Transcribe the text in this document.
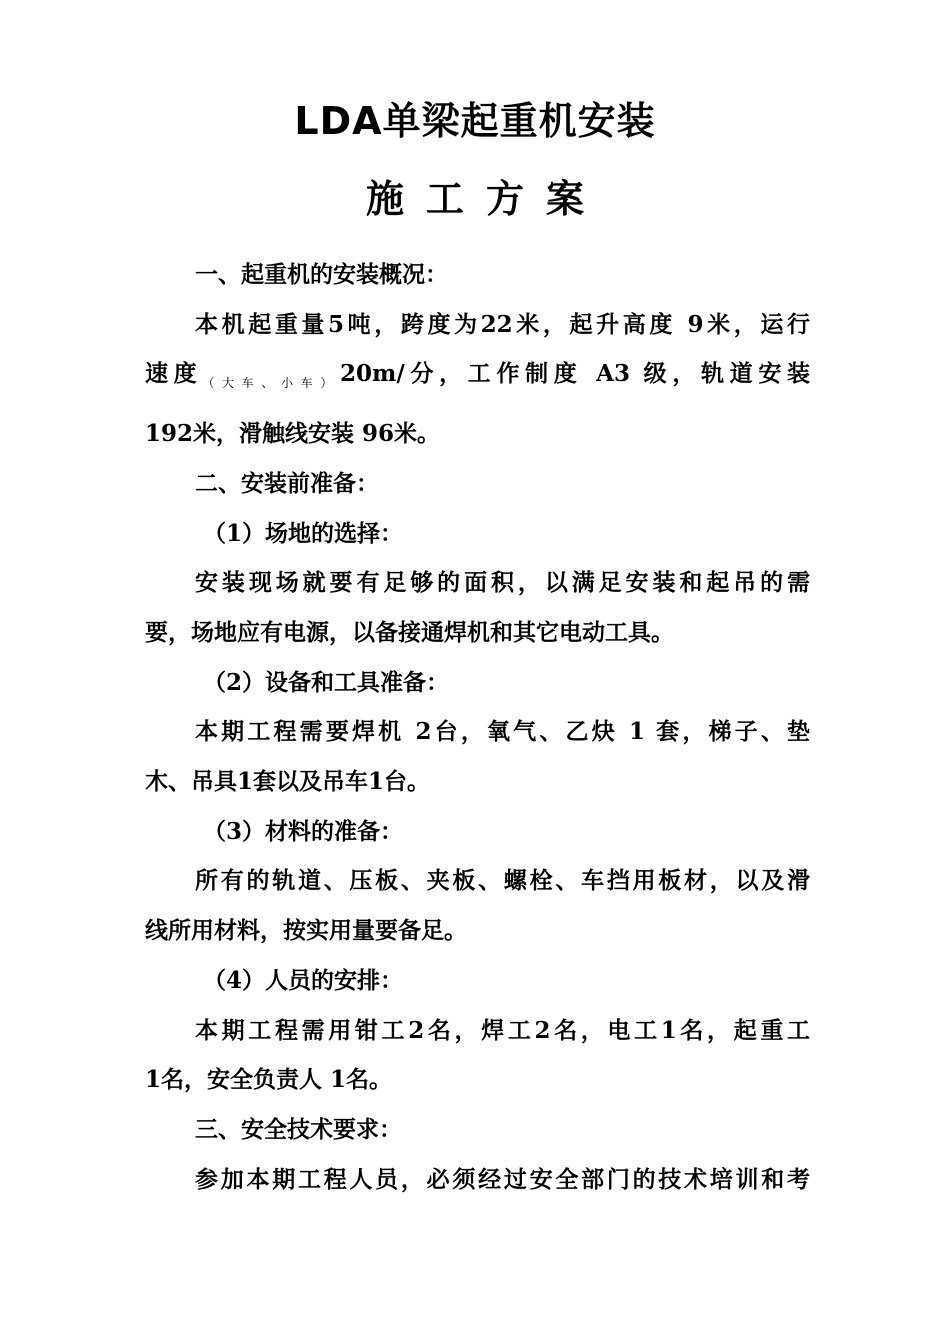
LDA单梁起重机安装
施工方案

一、起重机的安装概况：

本机起重量5吨，跨度为22米，起升高度 9米，运行

速度$_{(大车、小车)}$20m/分，工作制度 A3 级，轨道安装

192米，滑触线安装 96米。

二、安装前准备：

（1）场地的选择：

安装现场就要有足够的面积，以满足安装和起吊的需

要，场地应有电源，以备接通焊机和其它电动工具。

（2）设备和工具准备：

本期工程需要焊机 2台，氧气、乙炔 1 套，梯子、垫

木、吊具1套以及吊车1台。

（3）材料的准备：

所有的轨道、压板、夹板、螺栓、车挡用板材，以及滑

线所用材料，按实用量要备足。

（4）人员的安排：

本期工程需用钳工2名，焊工2名，电工1名，起重工

1名，安全负责人 1名。

三、安全技术要求：

参加本期工程人员，必须经过安全部门的技术培训和考
